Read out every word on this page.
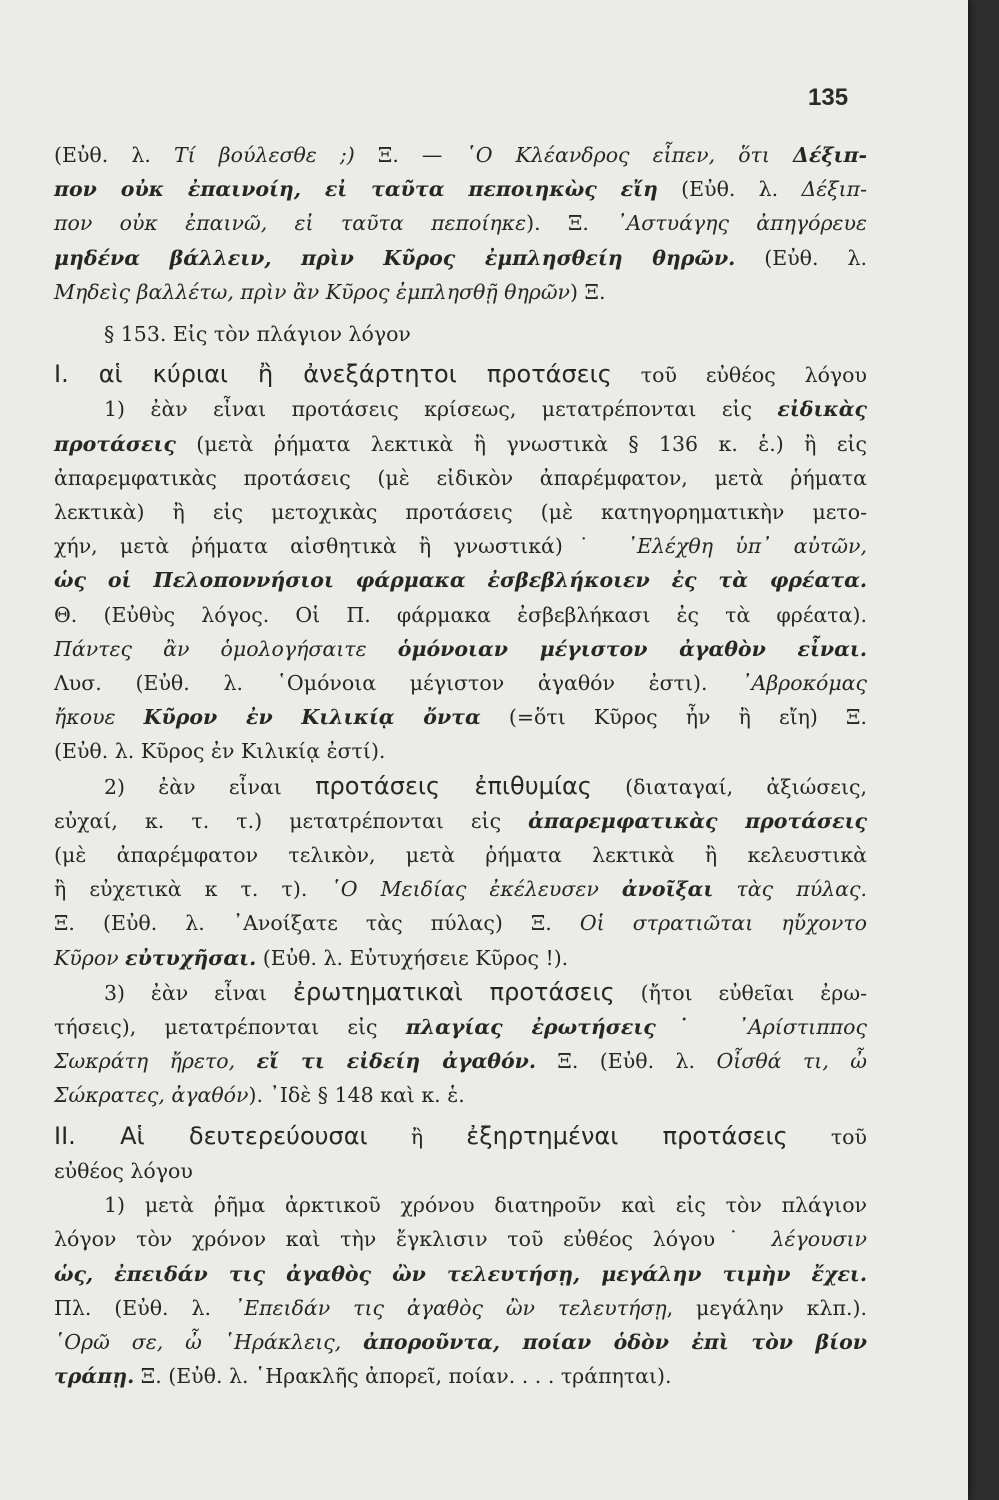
135
(Εὐθ. λ. Τί βούλεσθε ;) Ξ. — ῾Ο Κλέανδρος εἶπεν, ὅτι Δέξιπ-
πον οὐκ ἐπαινοίη, εἰ ταῦτα πεποιηκὼς εἴη (Εὐθ. λ. Δέξιπ-
πον οὐκ ἐπαινῶ, εἰ ταῦτα πεποίηκε). Ξ. ᾿Αστυάγης ἀπηγόρευε
μηδένα βάλλειν, πρὶν Κῦρος ἐμπλησθείη θηρῶν. (Εὐθ. λ.
Μηδεὶς βαλλέτω, πρὶν ἂν Κῦρος ἐμπλησθῇ θηρῶν) Ξ.
§ 153. Εἰς τὸν πλάγιον λόγον
Ι. αἱ κύριαι ἢ ἀνεξάρτητοι προτάσεις τοῦ εὐθέος λόγου
1) ἐὰν εἶναι προτάσεις κρίσεως, μετατρέπονται εἰς εἰδικὰς
προτάσεις (μετὰ ῥήματα λεκτικὰ ἢ γνωστικὰ § 136 κ. ἑ.) ἢ εἰς
ἀπαρεμφατικὰς προτάσεις (μὲ εἰδικὸν ἀπαρέμφατον, μετὰ ῥήματα
λεκτικὰ) ἢ εἰς μετοχικὰς προτάσεις (μὲ κατηγορηματικὴν μετο-
χήν, μετὰ ῥήματα αἰσθητικὰ ἢ γνωστικά)˙ ᾿Ελέχθη ὑπ᾿ αὐτῶν,
ὡς οἱ Πελοποννήσιοι φάρμακα ἐσβεβλήκοιεν ἐς τὰ φρέατα.
Θ. (Εὐθὺς λόγος. Οἱ Π. φάρμακα ἐσβεβλήκασι ἐς τὰ φρέατα).
Πάντες ἂν ὁμολογήσαιτε ὁμόνοιαν μέγιστον ἀγαθὸν εἶναι.
Λυσ. (Εὐθ. λ. ῾Ομόνοια μέγιστον ἀγαθόν ἐστι). ᾿Αβροκόμας
ἤκουε Κῦρον ἐν Κιλικίᾳ ὄντα (=ὅτι Κῦρος ἦν ἢ εἴη) Ξ.
(Εὐθ. λ. Κῦρος ἐν Κιλικίᾳ ἐστί).
2) ἐὰν εἶναι προτάσεις ἐπιθυμίας (διαταγαί, ἀξιώσεις,
εὐχαί, κ. τ. τ.) μετατρέπονται εἰς ἀπαρεμφατικὰς προτάσεις
(μὲ ἀπαρέμφατον τελικὸν, μετὰ ῥήματα λεκτικὰ ἢ κελευστικὰ
ἢ εὐχετικὰ κ τ. τ). ῾Ο Μειδίας ἐκέλευσεν ἀνοῖξαι τὰς πύλας.
Ξ. (Εὐθ. λ. ᾿Ανοίξατε τὰς πύλας) Ξ. Οἱ στρατιῶται ηὔχοντο
Κῦρον εὐτυχῆσαι. (Εὐθ. λ. Εὐτυχήσειε Κῦρος !).
3) ἐὰν εἶναι ἐρωτηματικαὶ προτάσεις (ἤτοι εὐθεῖαι ἐρω-
τήσεις), μετατρέπονται εἰς πλαγίας ἐρωτήσεις˙ ᾿Αρίστιππος
Σωκράτη ἤρετο, εἴ τι εἰδείη ἀγαθόν. Ξ. (Εὐθ. λ. Οἶσθά τι, ὦ
Σώκρατες, ἀγαθόν). ᾿Ιδὲ § 148 καὶ κ. ἑ.
ΙΙ. Αἱ δευτερεύουσαι ἢ ἐξηρτημέναι προτάσεις τοῦ
εὐθέος λόγου
1) μετὰ ῥῆμα ἀρκτικοῦ χρόνου διατηροῦν καὶ εἰς τὸν πλάγιον
λόγον τὸν χρόνον καὶ τὴν ἔγκλισιν τοῦ εὐθέος λόγου˙ λέγουσιν
ὡς, ἐπειδάν τις ἀγαθὸς ὢν τελευτήσῃ, μεγάλην τιμὴν ἔχει.
Πλ. (Εὐθ. λ. ᾿Επειδάν τις ἀγαθὸς ὢν τελευτήσῃ, μεγάλην κλπ.).
῾Ορῶ σε, ὦ ῾Ηράκλεις, ἀποροῦντα, ποίαν ὁδὸν ἐπὶ τὸν βίον
τράπῃ. Ξ. (Εὐθ. λ. ῾Ηρακλῆς ἀπορεῖ, ποίαν. . . . τράπηται).
